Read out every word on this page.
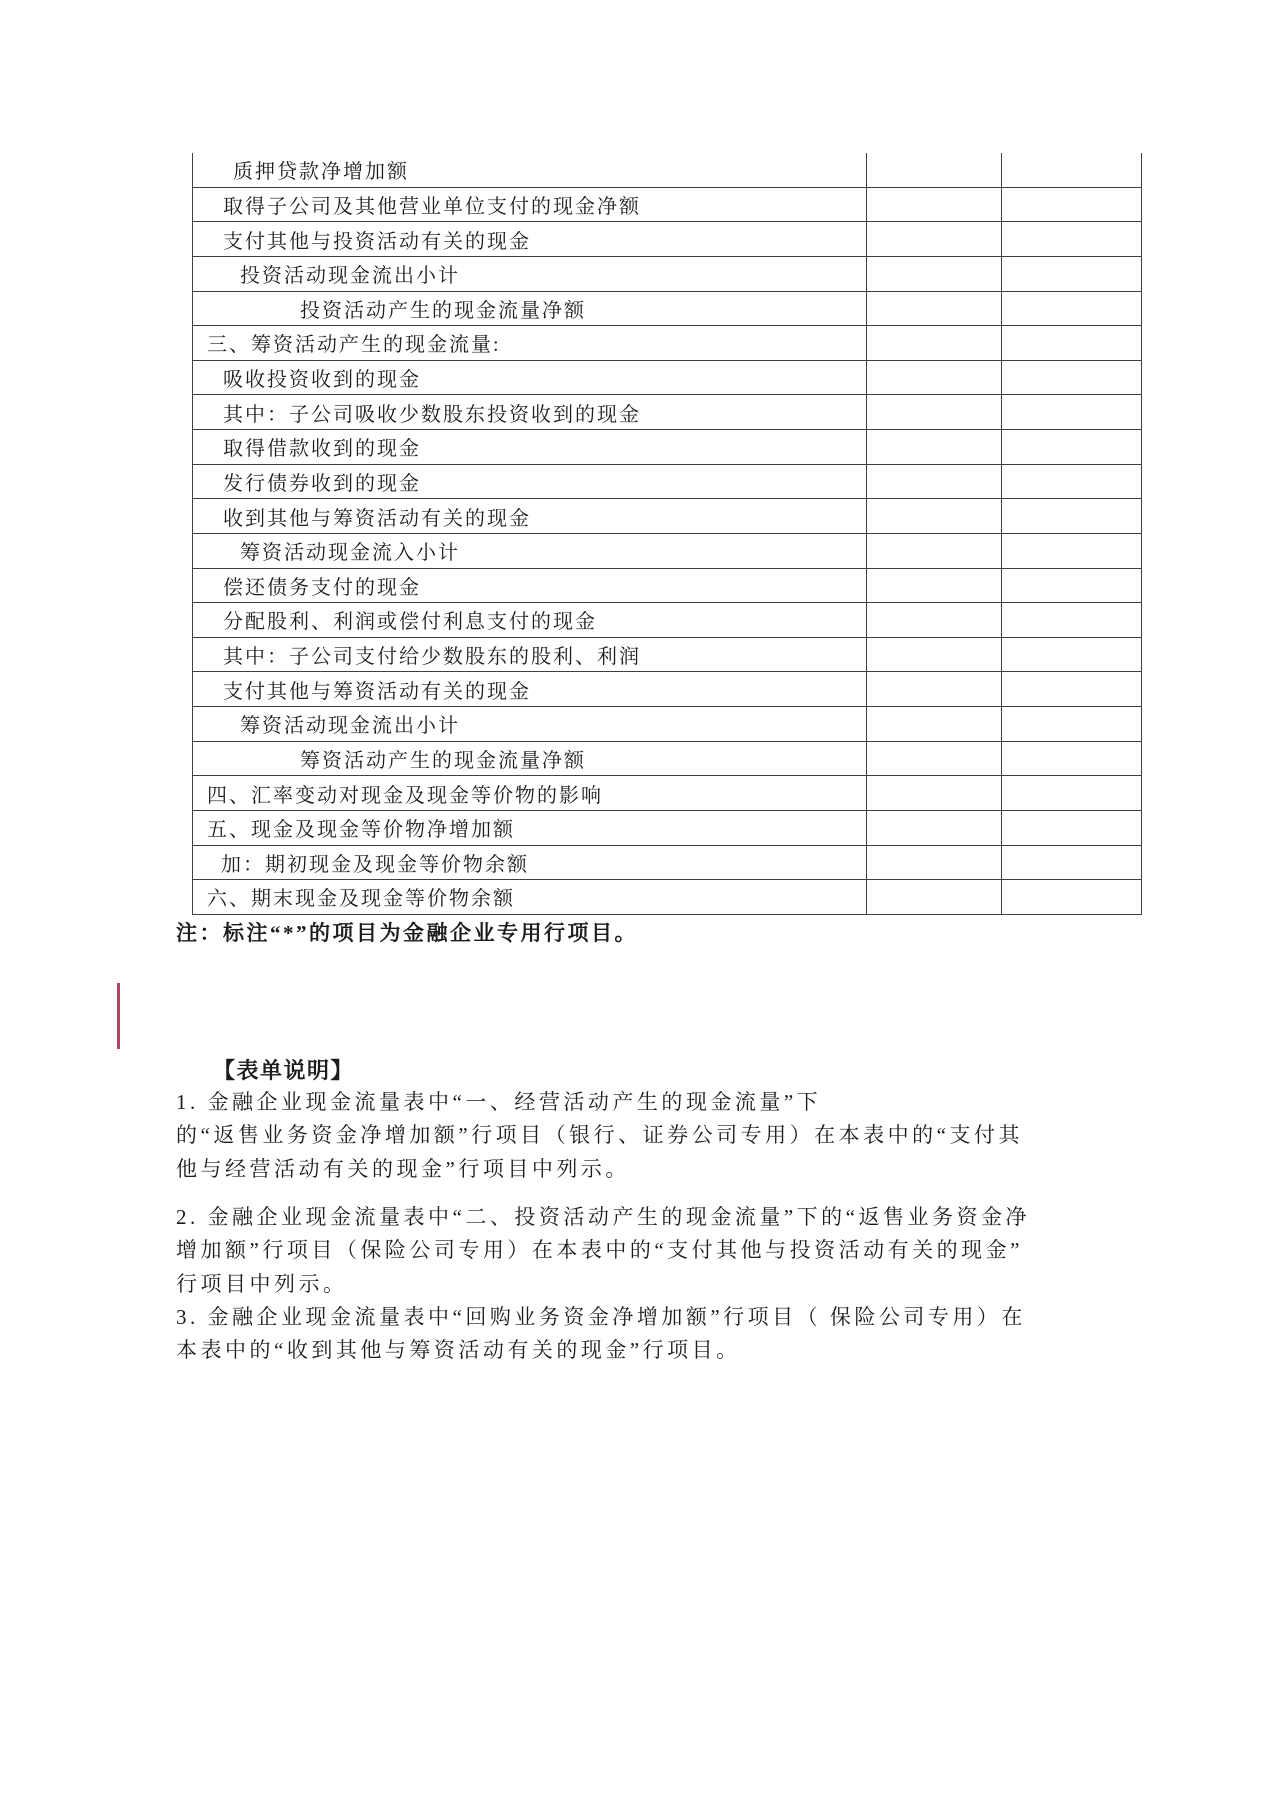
质押贷款净增加额
取得子公司及其他营业单位支付的现金净额
支付其他与投资活动有关的现金
投资活动现金流出小计
投资活动产生的现金流量净额
三、筹资活动产生的现金流量:
吸收投资收到的现金
其中：子公司吸收少数股东投资收到的现金
取得借款收到的现金
发行债券收到的现金
收到其他与筹资活动有关的现金
筹资活动现金流入小计
偿还债务支付的现金
分配股利、利润或偿付利息支付的现金
其中：子公司支付给少数股东的股利、利润
支付其他与筹资活动有关的现金
筹资活动现金流出小计
筹资活动产生的现金流量净额
四、汇率变动对现金及现金等价物的影响
五、现金及现金等价物净增加额
加：期初现金及现金等价物余额
六、期末现金及现金等价物余额
注：标注“*”的项目为金融企业专用行项目。
【表单说明】
1. 金融企业现金流量表中“一、经营活动产生的现金流量”下
的“返售业务资金净增加额”行项目（银行、证券公司专用）在本表中的“支付其
他与经营活动有关的现金”行项目中列示。
2. 金融企业现金流量表中“二、投资活动产生的现金流量”下的“返售业务资金净
增加额”行项目（保险公司专用）在本表中的“支付其他与投资活动有关的现金”
行项目中列示。
3. 金融企业现金流量表中“回购业务资金净增加额”行项目（ 保险公司专用）在
本表中的“收到其他与筹资活动有关的现金”行项目。
